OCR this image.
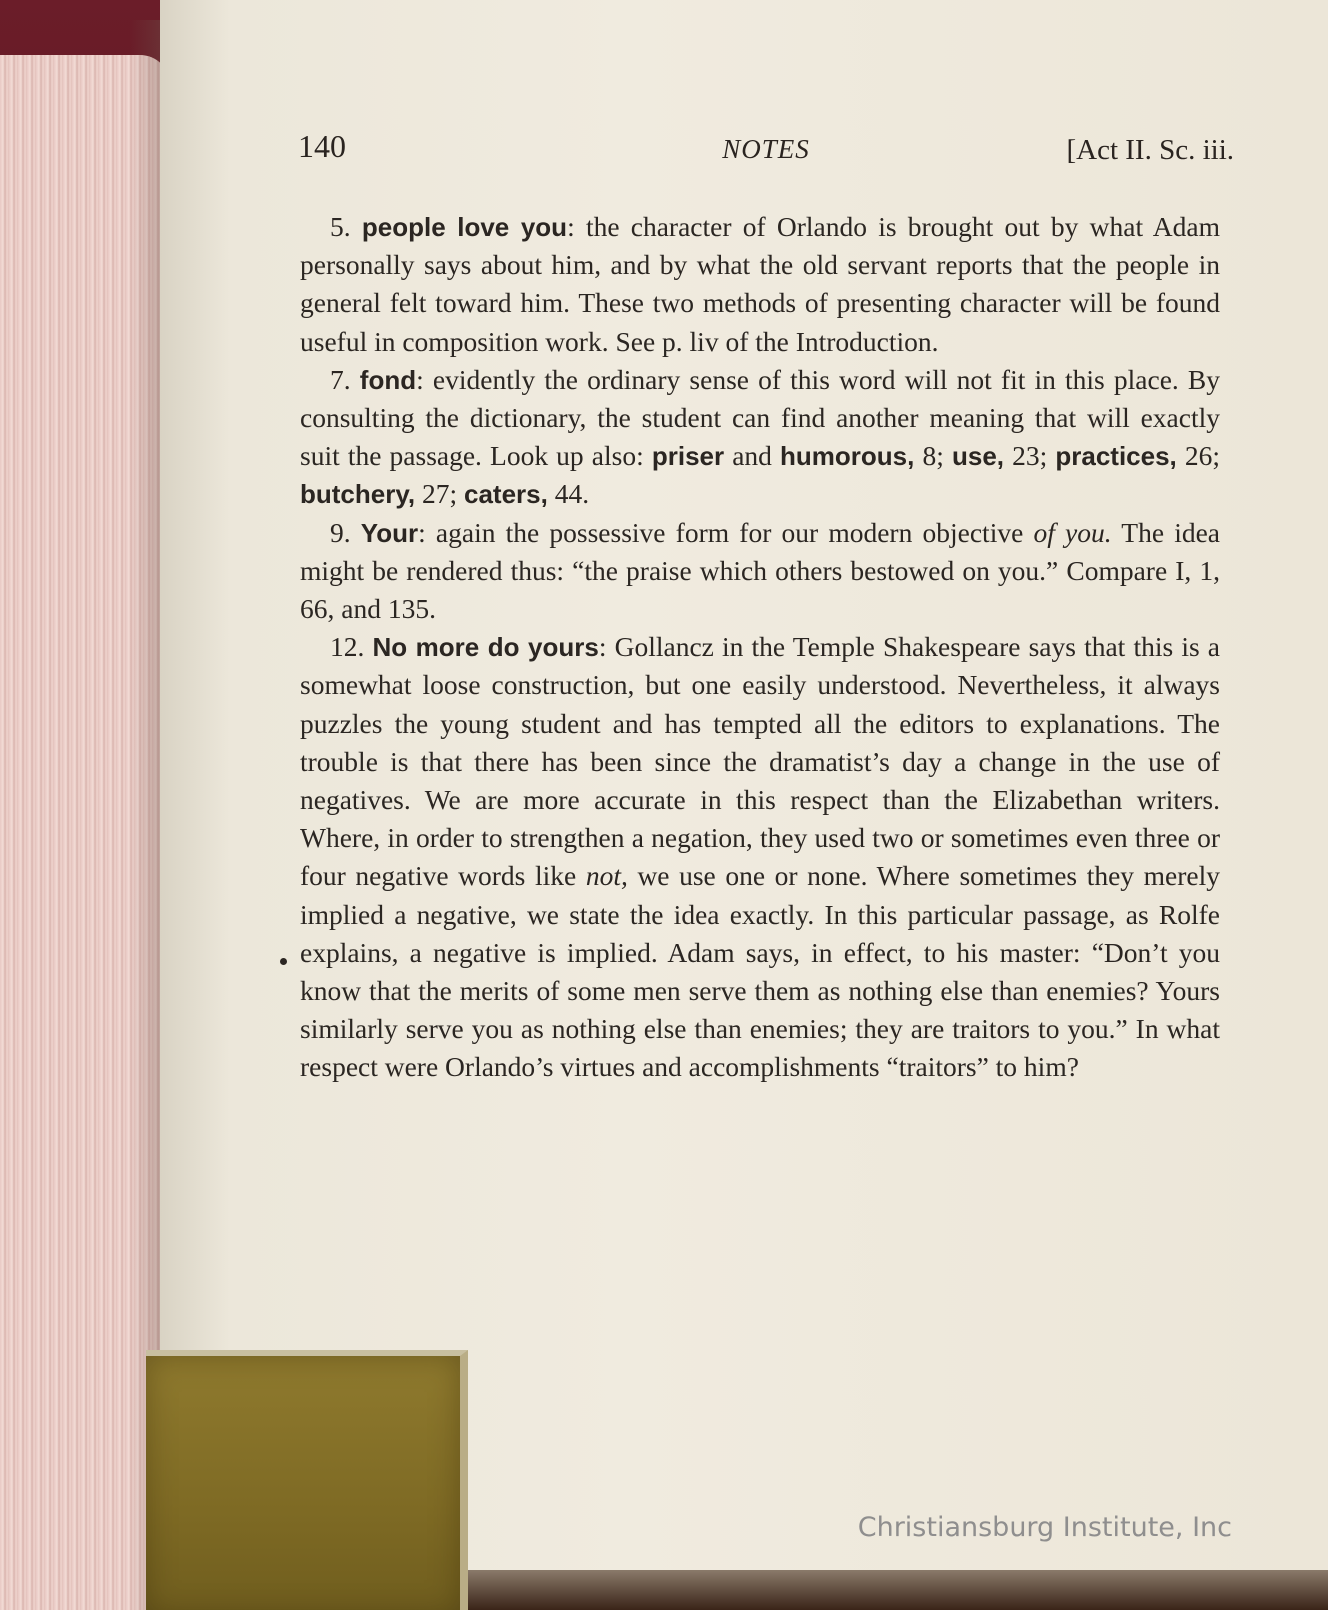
140	NOTES	[Act II. Sc. iii.

5. people love you: the character of Orlando is brought out by what Adam personally says about him, and by what the old servant reports that the people in general felt toward him. These two methods of presenting character will be found useful in composition work. See p. liv of the Introduction.

7. fond: evidently the ordinary sense of this word will not fit in this place. By consulting the dictionary, the student can find another meaning that will exactly suit the passage. Look up also: priser and humorous, 8; use, 23; practices, 26; butchery, 27; caters, 44.

9. Your: again the possessive form for our modern objective of you. The idea might be rendered thus: “the praise which others bestowed on you.” Compare I, 1, 66, and 135.

12. No more do yours: Gollancz in the Temple Shakespeare says that this is a somewhat loose construction, but one easily understood. Nevertheless, it always puzzles the young student and has tempted all the editors to explanations. The trouble is that there has been since the dramatist’s day a change in the use of negatives. We are more accurate in this respect than the Elizabethan writers. Where, in order to strengthen a negation, they used two or sometimes even three or four negative words like not, we use one or none. Where sometimes they merely implied a negative, we state the idea exactly. In this particular passage, as Rolfe explains, a negative is implied. Adam says, in effect, to his master: “Don’t you know that the merits of some men serve them as nothing else than enemies? Yours similarly serve you as nothing else than enemies; they are traitors to you.” In what respect were Orlando’s virtues and accomplishments “traitors” to him?

Christiansburg Institute, Inc
